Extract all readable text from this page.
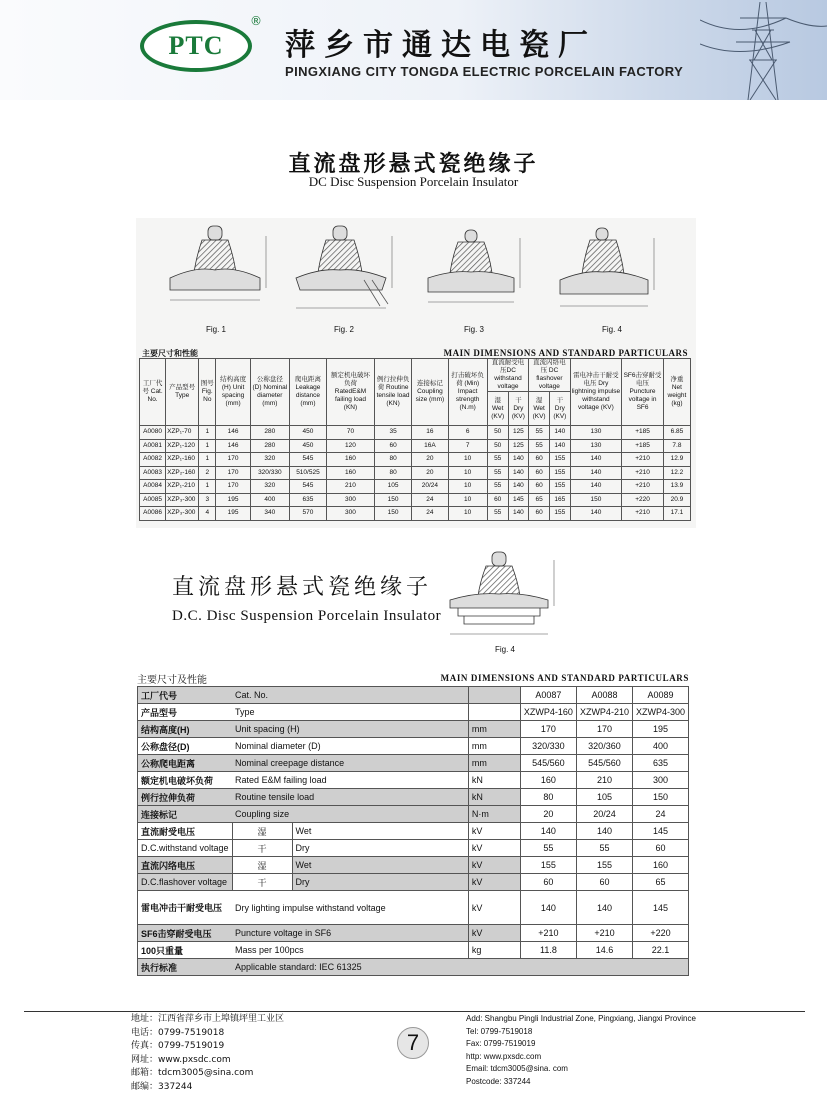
PTC
®
萍乡市通达电瓷厂
PINGXIANG CITY TONGDA ELECTRIC PORCELAIN FACTORY
直流盘形悬式瓷绝缘子
DC Disc Suspension Porcelain Insulator
Fig. 1	Fig. 2	Fig. 3	Fig. 4
主要尺寸和性能	MAIN DIMENSIONS AND STANDARD PARTICULARS
工厂代号 Cat. No.	产品型号 Type	图号 Fig. No	结构高度 (H) Unit spacing (mm)	公称盘径 (D) Nominal diameter (mm)	爬电距离 Leakage distance (mm)	额定机电破坏负荷 RatedE&M failing load (KN)	例行拉伸负荷 Routine tensile load (KN)	连接标记 Coupling size (mm)	打击破坏负荷 (Min) Impact strength (N.m)	直流耐受电压DC withstand voltage		直流闪络电压 DC flashover voltage		雷电冲击干耐受电压 Dry lightning impulse withstand voltage (KV)	SF6击穿耐受电压 Puncture voltage in SF6	净重 Net weight (kg)
										湿 Wet (KV)	干 Dry (KV)	湿 Wet (KV)	干 Dry (KV)			
A0080	XZP₁-70	1	146	280	450	70	35	16	6	50	125	55	140	130	+185	6.85
A0081	XZP₁-120	1	146	280	450	120	60	16A	7	50	125	55	140	130	+185	7.8
A0082	XZP₁-160	1	170	320	545	160	80	20	10	55	140	60	155	140	+210	12.9
A0083	XZP₂-160	2	170	320/330	510/525	160	80	20	10	55	140	60	155	140	+210	12.2
A0084	XZP₁-210	1	170	320	545	210	105	20/24	10	55	140	60	155	140	+210	13.9
A0085	XZP₃-300	3	195	400	635	300	150	24	10	60	145	65	165	150	+220	20.9
A0086	XZP₃-300	4	195	340	570	300	150	24	10	55	140	60	155	140	+210	17.1
直流盘形悬式瓷绝缘子
D.C. Disc Suspension Porcelain Insulator
Fig. 4
主要尺寸及性能	MAIN DIMENSIONS AND STANDARD PARTICULARS
工厂代号	Cat. No.			A0087	A0088	A0089
产品型号	Type			XZWP4-160	XZWP4-210	XZWP4-300
结构高度(H)	Unit spacing (H)		mm	170	170	195
公称盘径(D)	Nominal diameter (D)		mm	320/330	320/360	400
公称爬电距离	Nominal creepage distance		mm	545/560	545/560	635
额定机电破坏负荷	Rated E&M failing load		kN	160	210	300
例行拉伸负荷	Routine tensile load		kN	80	105	150
连接标记	Coupling size		N·m	20	20/24	24
直流耐受电压	湿	Wet	kV	140	140	145
D.C.withstand voltage	干	Dry	kV	55	55	60
直流闪络电压	湿	Wet	kV	155	155	160
D.C.flashover voltage	干	Dry	kV	60	60	65
雷电冲击干耐受电压	Dry lighting impulse withstand voltage		kV	140	140	145
SF6击穿耐受电压	Puncture voltage in SF6		kV	+210	+210	+220
100只重量	Mass per 100pcs		kg	11.8	14.6	22.1
执行标准	Applicable standard: IEC 61325					
地址：江西省萍乡市上埠镇坪里工业区
电话：0799-7519018
传真：0799-7519019
网址：www.pxsdc.com
邮箱：tdcm3005@sina.com
邮编：337244
7
Add: Shangbu Pingli Industrial Zone, Pingxiang, Jiangxi Province
Tel: 0799-7519018
Fax: 0799-7519019
http: www.pxsdc.com
Email: tdcm3005@sina. com
Postcode: 337244
